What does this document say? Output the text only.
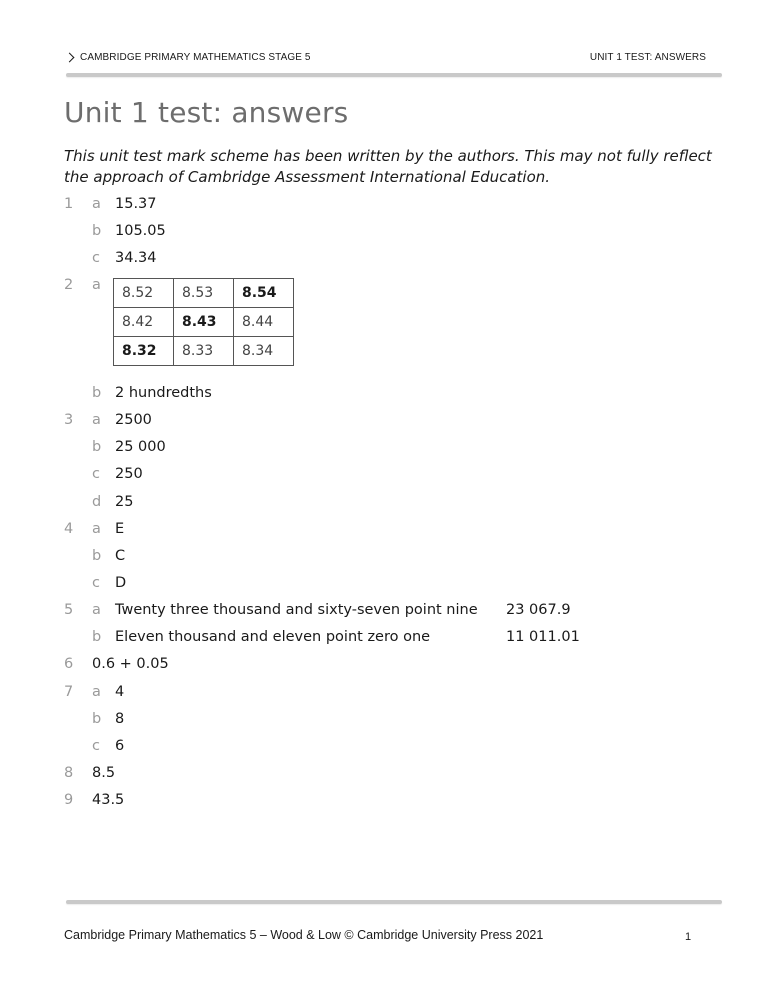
CAMBRIDGE PRIMARY MATHEMATICS STAGE 5	UNIT 1 TEST: ANSWERS
Unit 1 test: answers
This unit test mark scheme has been written by the authors. This may not fully reflect the approach of Cambridge Assessment International Education.
1 a 15.37
b 105.05
c 34.34
2 a 8.52	8.53	8.54
8.42	8.43	8.44
8.32	8.33	8.34
b 2 hundredths
3 a 2500
b 25 000
c 250
d 25
4 a E
b C
c D
5 a Twenty three thousand and sixty-seven point nine 23 067.9
b Eleven thousand and eleven point zero one	11 011.01
6 0.6 + 0.05
7 a 4
b 8
c 6
8 8.5
9 43.5
Cambridge Primary Mathematics 5 – Wood & Low © Cambridge University Press 2021	1
